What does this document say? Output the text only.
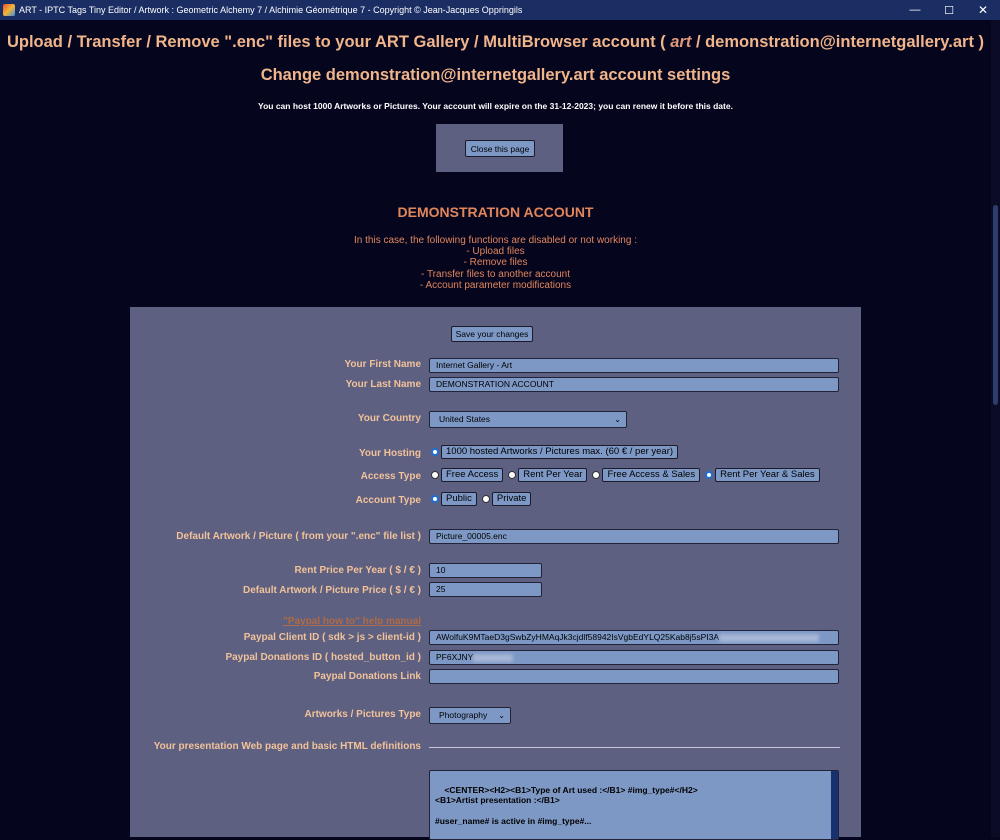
ART - IPTC Tags Tiny Editor / Artwork : Geometric Alchemy 7 / Alchimie Géométrique 7 - Copyright © Jean-Jacques Oppringils	—	☐	✕
Upload / Transfer / Remove ".enc" files to your ART Gallery / MultiBrowser account ( art / demonstration@internetgallery.art )
Change demonstration@internetgallery.art account settings
You can host 1000 Artworks or Pictures. Your account will expire on the 31-12-2023; you can renew it before this date.
Close this page
DEMONSTRATION ACCOUNT
In this case, the following functions are disabled or not working :
- Upload files
- Remove files
- Transfer files to another account
- Account parameter modifications
Save your changes
Your First Name	Internet Gallery - Art
Your Last Name	DEMONSTRATION ACCOUNT
Your Country	United States	⌄
Your Hosting	1000 hosted Artworks / Pictures max. (60 € / per year)
Access Type	Free Access	Rent Per Year	Free Access & Sales	Rent Per Year & Sales
Account Type	Public	Private
Default Artwork / Picture ( from your ".enc" file list )	Picture_00005.enc
Rent Price Per Year ( $ / € )	10
Default Artwork / Picture Price ( $ / € )	25
"Paypal how to" help manual
Paypal Client ID ( sdk > js > client-id )	AWolfuK9MTaeD3gSwbZyHMAqJk3cjdlf58942IsVgbEdYLQ25Kab8j5sPI3A
Paypal Donations ID ( hosted_button_id )	PF6XJNY
Paypal Donations Link
Artworks / Pictures Type	Photography ⌄
Your presentation Web page and basic HTML definitions

<CENTER><H2><B1>Type of Art used :</B1> #img_type#</H2>
<B1>Artist presentation :</B1>

#user_name# is active in #img_type#...
